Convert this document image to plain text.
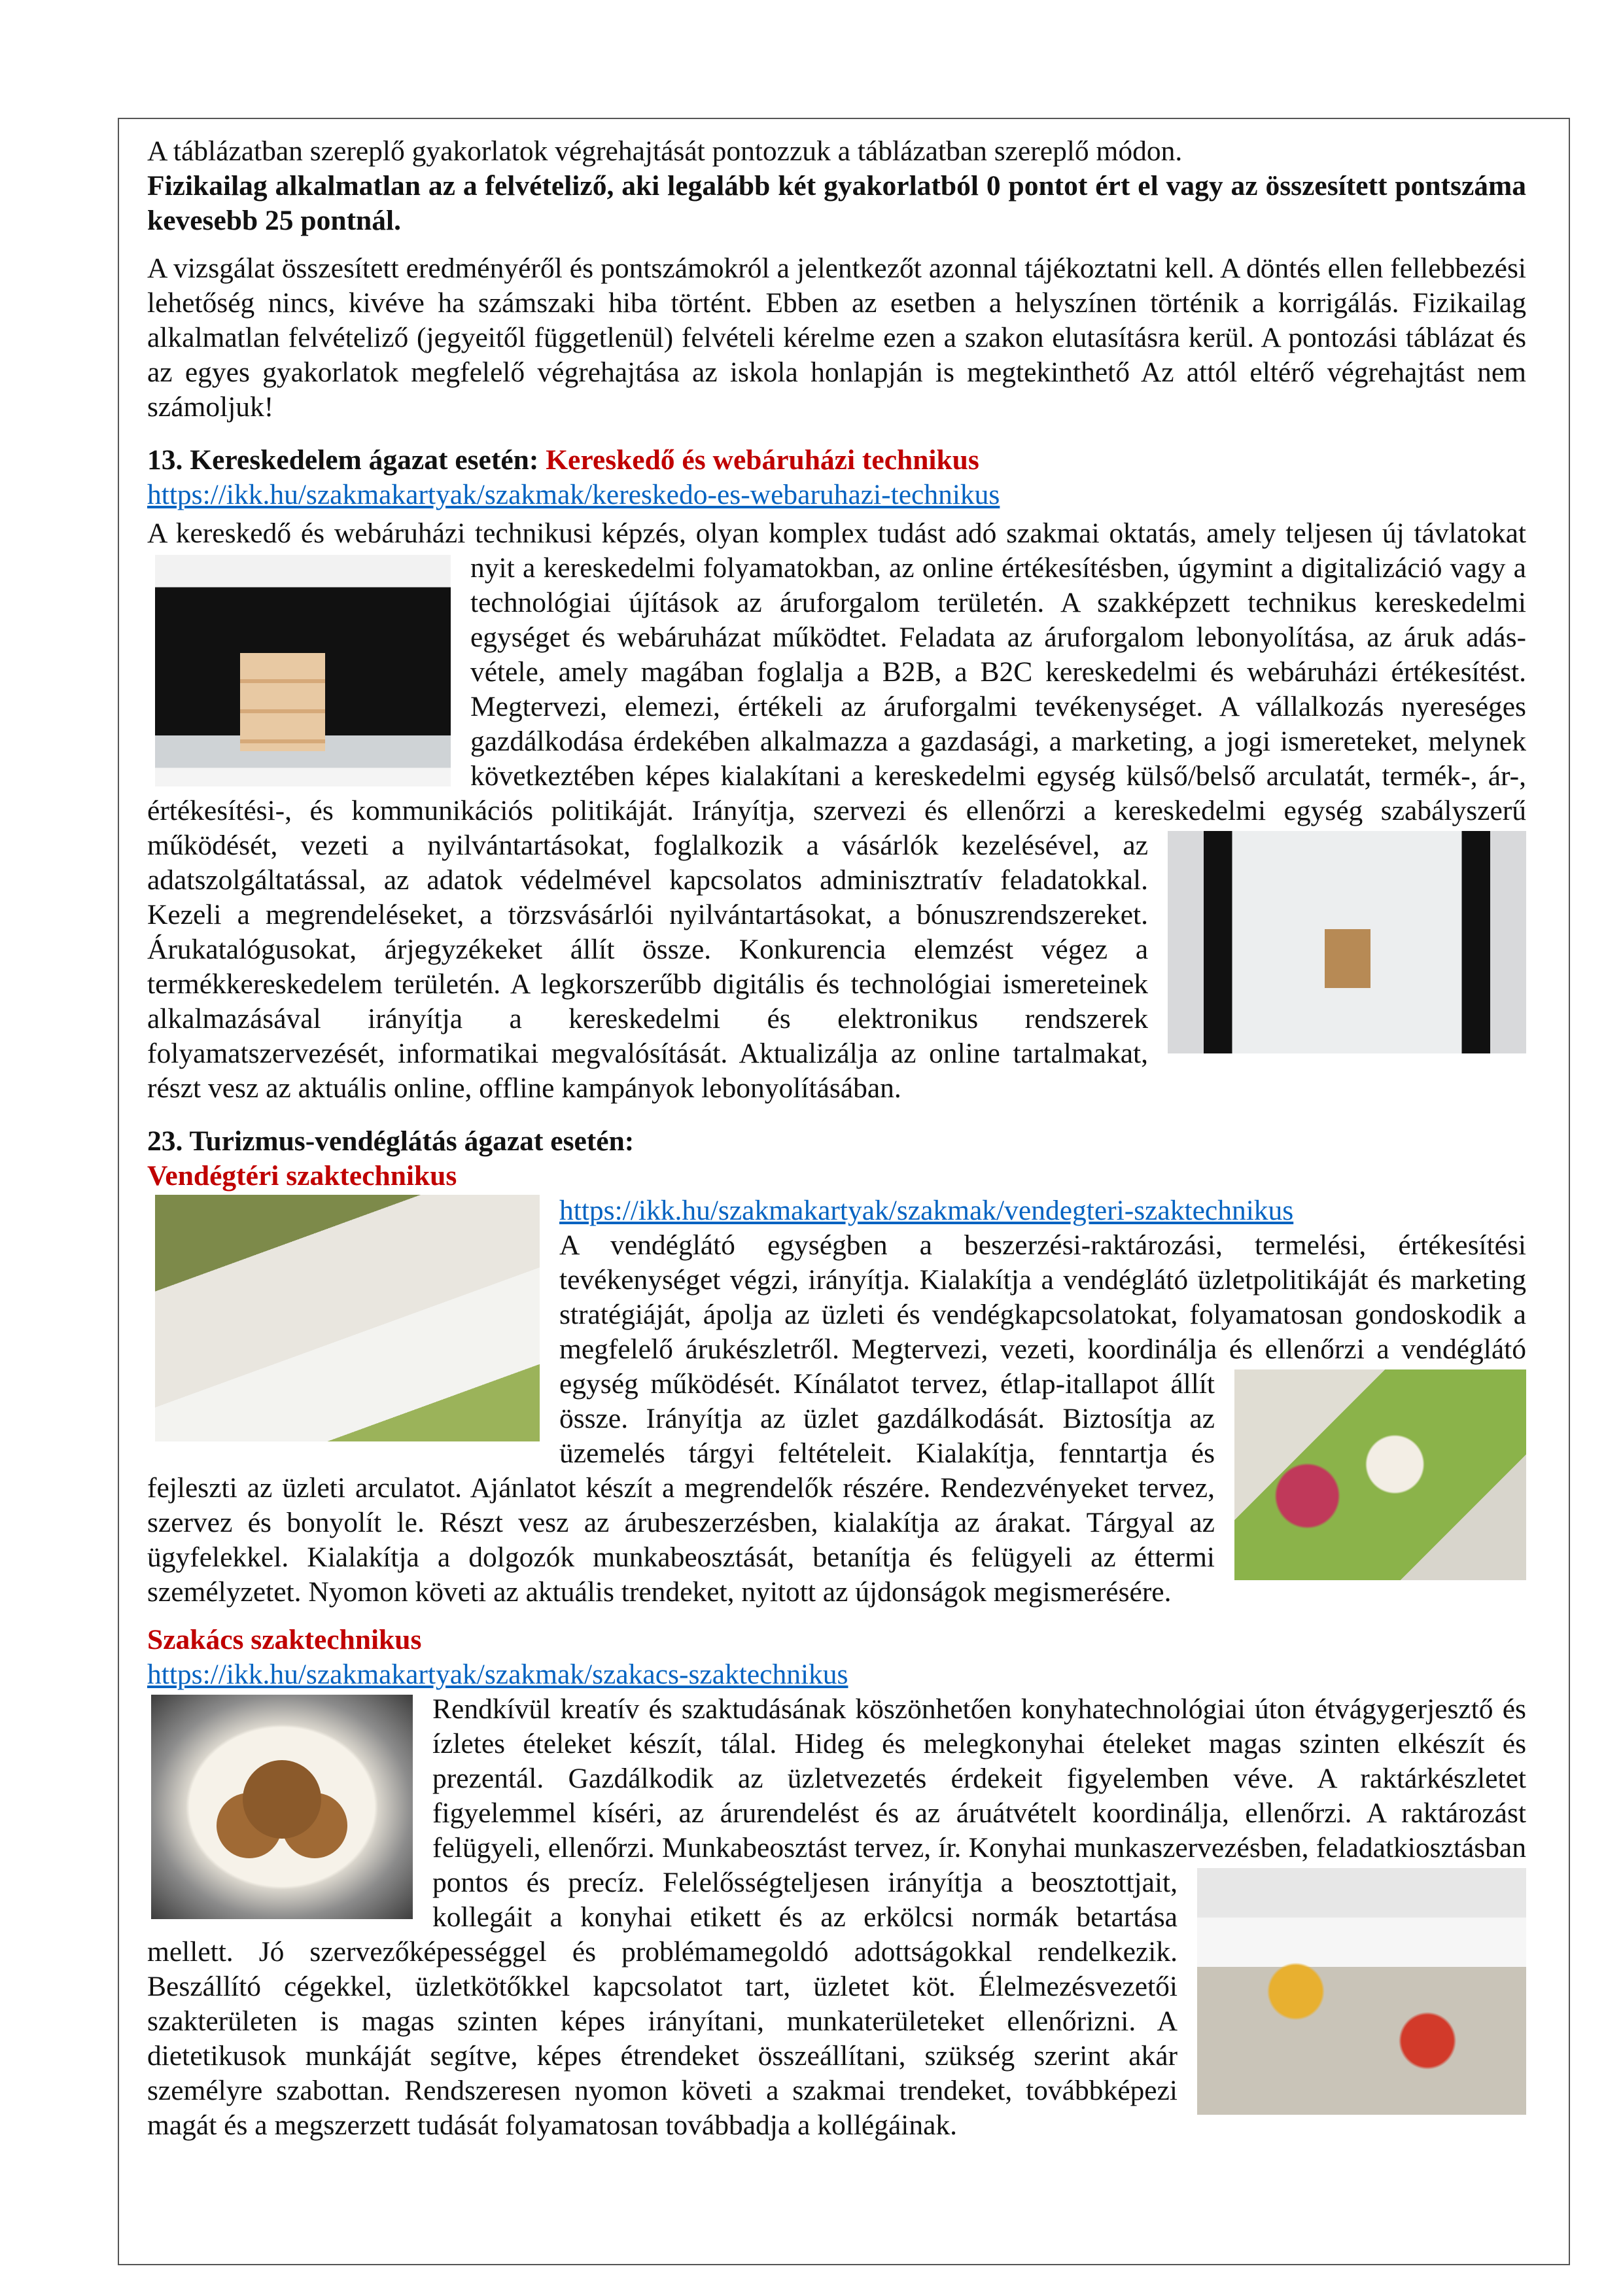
A táblázatban szereplő gyakorlatok végrehajtását pontozzuk a táblázatban szereplő módon.

Fizikailag alkalmatlan az a felvételiző, aki legalább két gyakorlatból 0 pontot ért el vagy az összesített pontszáma kevesebb 25 pontnál.

A vizsgálat összesített eredményéről és pontszámokról a jelentkezőt azonnal tájékoztatni kell. A döntés ellen fellebbezési lehetőség nincs, kivéve ha számszaki hiba történt. Ebben az esetben a helyszínen történik a korrigálás. Fizikailag alkalmatlan felvételiző (jegyeitől függetlenül) felvételi kérelme ezen a szakon elutasításra kerül. A pontozási táblázat és az egyes gyakorlatok megfelelő végrehajtása az iskola honlapján is megtekinthető Az attól eltérő végrehajtást nem számoljuk!

13. Kereskedelem ágazat esetén: Kereskedő és webáruházi technikus

https://ikk.hu/szakmakartyak/szakmak/kereskedo-es-webaruhazi-technikus

A kereskedő és webáruházi technikusi képzés, olyan komplex tudást adó szakmai oktatás, amely teljesen új
távlatokat nyit a kereskedelmi folyamatokban, az online értékesítésben, úgymint a digitalizáció vagy a technológiai újítások az áruforgalom területén. A szakképzett technikus kereskedelmi egységet és webáruházat működtet. Feladata az áruforgalom lebonyolítása, az áruk adás-vétele, amely magában foglalja a B2B, a B2C kereskedelmi és webáruházi értékesítést. Megtervezi, elemezi, értékeli az áruforgalmi tevékenységet. A vállalkozás nyereséges gazdálkodása érdekében alkalmazza a gazdasági, a marketing, a jogi ismereteket, melynek következtében képes kialakítani a kereskedelmi egység külső/belső arculatát, termék-, ár-, értékesítési-, és kommunikációs politikáját. Irányítja, szervezi és ellenőrzi a kereskedelmi egység szabályszerű működését, vezeti a nyilvántartásokat, foglalkozik a vásárlók kezelésével, az
adatszolgáltatással, az adatok védelmével kapcsolatos adminisztratív feladatokkal. Kezeli a megrendeléseket, a törzsvásárlói nyilvántartásokat, a bónuszrendszereket. Árukatalógusokat, árjegyzékeket állít össze. Konkurencia elemzést végez a termékkereskedelem területén. A legkorszerűbb digitális és technológiai ismereteinek alkalmazásával irányítja a kereskedelmi és elektronikus rendszerek folyamatszervezését, informatikai megvalósítását. Aktualizálja az online tartalmakat, részt vesz az aktuális online, offline kampányok lebonyolításában.

23. Turizmus-vendéglátás ágazat esetén:

Vendégtéri szaktechnikus

https://ikk.hu/szakmakartyak/szakmak/vendegteri-szaktechnikus

A vendéglátó egységben a beszerzési-raktározási, termelési, értékesítési tevékenységet végzi, irányítja. Kialakítja a vendéglátó üzletpolitikáját és marketing stratégiáját, ápolja az üzleti és vendégkapcsolatokat, folyamatosan gondoskodik a megfelelő árukészletről. Megtervezi, vezeti, koordinálja és ellenőrzi a vendéglátó egység működését. Kínálatot tervez, étlap-itallapot állít
össze. Irányítja az üzlet gazdálkodását. Biztosítja az üzemelés tárgyi feltételeit. Kialakítja, fenntartja és fejleszti az üzleti arculatot. Ajánlatot készít a megrendelők részére. Rendezvényeket tervez, szervez és bonyolít le. Részt vesz az árubeszerzésben, kialakítja az árakat. Tárgyal az ügyfelekkel. Kialakítja a dolgozók munkabeosztását, betanítja és felügyeli az éttermi személyzetet. Nyomon követi az aktuális trendeket, nyitott az újdonságok megismerésére.

Szakács szaktechnikus

https://ikk.hu/szakmakartyak/szakmak/szakacs-szaktechnikus

Rendkívül kreatív és szaktudásának köszönhetően konyhatechnológiai úton étvágygerjesztő és ízletes ételeket készít, tálal. Hideg és melegkonyhai ételeket magas szinten elkészít és prezentál. Gazdálkodik az üzletvezetés érdekeit figyelemben véve. A raktárkészletet figyelemmel kíséri, az árurendelést és az áruátvételt koordinálja, ellenőrzi. A raktározást felügyeli, ellenőrzi. Munkabeosztást tervez, ír. Konyhai munkaszervezésben, feladatkiosztásban pontos és precíz. Felelősségteljesen
irányítja a beosztottjait, kollegáit a konyhai etikett és az erkölcsi normák betartása mellett. Jó szervezőképességgel és problémamegoldó adottságokkal rendelkezik. Beszállító cégekkel, üzletkötőkkel kapcsolatot tart, üzletet köt. Élelmezésvezetői szakterületen is magas szinten képes irányítani, munkaterületeket ellenőrizni. A dietetikusok munkáját segítve, képes étrendeket összeállítani, szükség szerint akár személyre szabottan. Rendszeresen nyomon követi a szakmai trendeket, továbbképezi magát és a megszerzett tudását folyamatosan továbbadja a kollégáinak.
